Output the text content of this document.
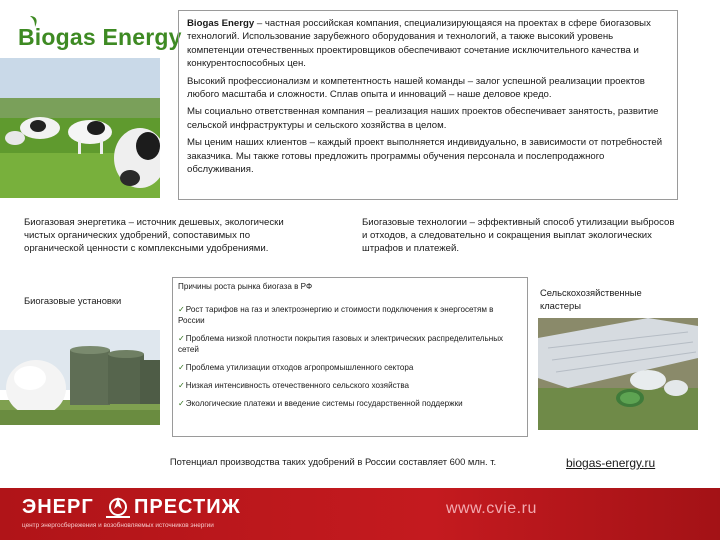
Biogas Energy

Biogas Energy – частная российская компания, специализирующаяся на проектах в сфере биогазовых технологий. Использование зарубежного оборудования и технологий, а также высокий уровень компетенции отечественных проектировщиков обеспечивают сочетание исключительного качества и конкурентоспособных цен.

Высокий профессионализм и компетентность нашей команды – залог успешной реализации проектов любого масштаба и сложности. Сплав опыта и инноваций – наше деловое кредо.

Мы социально ответственная компания – реализация наших проектов обеспечивает занятость, развитие сельской инфраструктуры и сельского хозяйства в целом.

Мы ценим наших клиентов – каждый проект выполняется индивидуально, в зависимости от потребностей заказчика. Мы также готовы предложить программы обучения персонала и послепродажного обслуживания.

Биогазовая энергетика – источник дешевых, экологически чистых органических удобрений, сопоставимых по органической ценности с комплексными удобрениями.
Биогазовые технологии – эффективный способ утилизации выбросов и отходов, а следовательно и сокращения выплат экологических штрафов и платежей.
Биогазовые установки
Сельскохозяйственные кластеры
Причины роста рынка биогаза в РФ
✓Рост тарифов на газ и электроэнергию и стоимости подключения к энергосетям в России
✓Проблема низкой плотности покрытия газовых и электрических распределительных сетей
✓Проблема утилизации отходов агропромышленного сектора
✓Низкая интенсивность отечественного сельского хозяйства
✓Экологические платежи и введение системы государственной поддержки
Потенциал производства таких удобрений в России составляет 600 млн. т.	biogas-energy.ru
ЭНЕРГ ПРЕСТИЖ
центр энергосбережения и возобновляемых источников энергии
www.cvie.ru
